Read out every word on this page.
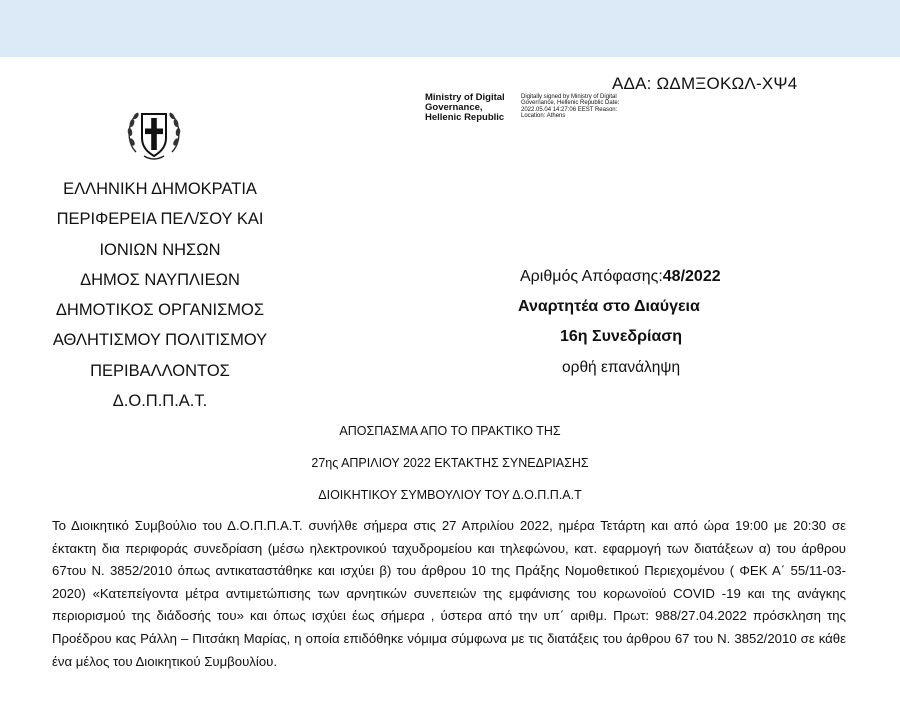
ΑΔΑ: ΩΔΜΞΟΚΩΛ-ΧΨ4
Ministry of Digital Governance, Hellenic Republic
Digitally signed by Ministry of Digital Governance, Hellenic Republic Date: 2022.05.04 14:27:06 EEST Reason: Location: Athens
ΕΛΛΗΝΙΚΗ ΔΗΜΟΚΡΑΤΙΑ
ΠΕΡΙΦΕΡΕΙΑ ΠΕΛ/ΣΟΥ ΚΑΙ
ΙΟΝΙΩΝ ΝΗΣΩΝ
ΔΗΜΟΣ ΝΑΥΠΛΙΕΩΝ
ΔΗΜΟΤΙΚΟΣ ΟΡΓΑΝΙΣΜΟΣ
ΑΘΛΗΤΙΣΜΟΥ ΠΟΛΙΤΙΣΜΟΥ
ΠΕΡΙΒΑΛΛΟΝΤΟΣ
Δ.Ο.Π.Π.Α.Τ.
Αριθμός Απόφασης:48/2022
Αναρτητέα στο Διαύγεια
16η Συνεδρίαση
ορθή επανάληψη
ΑΠΟΣΠΑΣΜΑ ΑΠΟ ΤΟ ΠΡΑΚΤΙΚΟ ΤΗΣ
27ης ΑΠΡΙΛΙΟΥ 2022 ΕΚΤΑΚΤΗΣ ΣΥΝΕΔΡΙΑΣΗΣ
ΔΙΟΙΚΗΤΙΚΟΥ ΣΥΜΒΟΥΛΙΟΥ ΤΟΥ Δ.Ο.Π.Π.Α.Τ
Το Διοικητικό Συμβούλιο του Δ.Ο.Π.Π.Α.Τ. συνήλθε σήμερα στις 27 Απριλίου 2022, ημέρα Τετάρτη και από ώρα 19:00 με 20:30 σε έκτακτη δια περιφοράς συνεδρίαση (μέσω ηλεκτρονικού ταχυδρομείου και τηλεφώνου, κατ. εφαρμογή των διατάξεων α) του άρθρου 67του Ν. 3852/2010 όπως αντικαταστάθηκε και ισχύει β) του άρθρου 10 της Πράξης Νομοθετικού Περιεχομένου ( ΦΕΚ Α΄ 55/11-03-2020) «Κατεπείγοντα μέτρα αντιμετώπισης των αρνητικών συνεπειών της εμφάνισης του κορωνοϊού COVID -19 και της ανάγκης περιορισμού της διάδοσής του» και όπως ισχύει έως σήμερα , ύστερα από την υπ΄ αριθμ. Πρωτ: 988/27.04.2022 πρόσκληση της Προέδρου κας Ράλλη – Πιτσάκη Μαρίας, η οποία επιδόθηκε νόμιμα σύμφωνα με τις διατάξεις του άρθρου 67 του Ν. 3852/2010 σε κάθε ένα μέλος του Διοικητικού Συμβουλίου.
